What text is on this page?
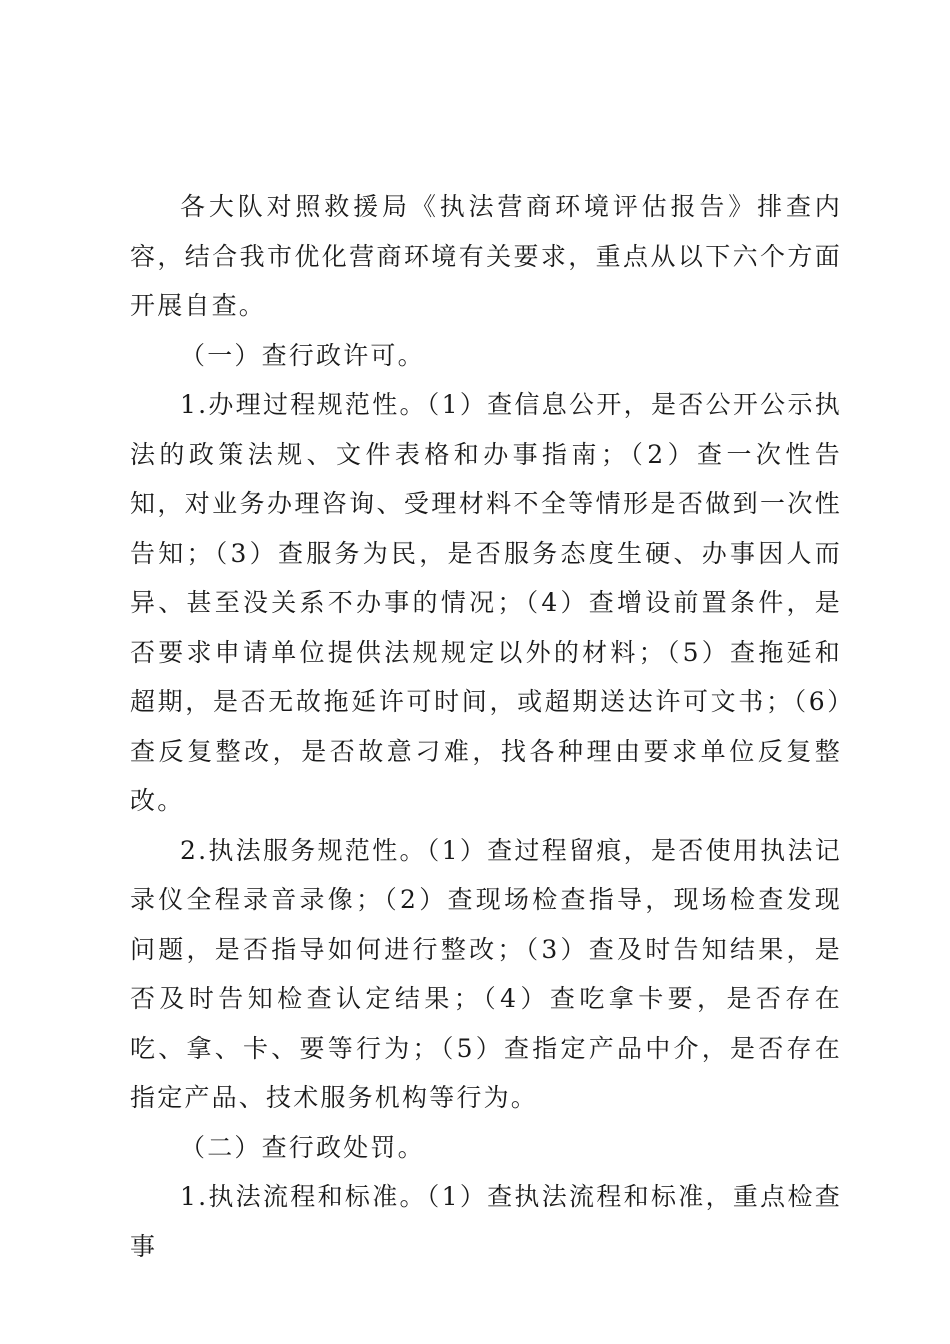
各大队对照救援局《执法营商环境评估报告》排查内容，结合我市优化营商环境有关要求，重点从以下六个方面开展自查。

（一）查行政许可。

1.办理过程规范性。（1）查信息公开，是否公开公示执法的政策法规、文件表格和办事指南；（2）查一次性告知，对业务办理咨询、受理材料不全等情形是否做到一次性告知；（3）查服务为民，是否服务态度生硬、办事因人而异、甚至没关系不办事的情况；（4）查增设前置条件，是否要求申请单位提供法规规定以外的材料；（5）查拖延和超期，是否无故拖延许可时间，或超期送达许可文书；（6）查反复整改，是否故意刁难，找各种理由要求单位反复整改。

2.执法服务规范性。（1）查过程留痕，是否使用执法记录仪全程录音录像；（2）查现场检查指导，现场检查发现问题，是否指导如何进行整改；（3）查及时告知结果，是否及时告知检查认定结果；（4）查吃拿卡要，是否存在吃、拿、卡、要等行为；（5）查指定产品中介，是否存在指定产品、技术服务机构等行为。

（二）查行政处罚。

1.执法流程和标准。（1）查执法流程和标准，重点检查事
